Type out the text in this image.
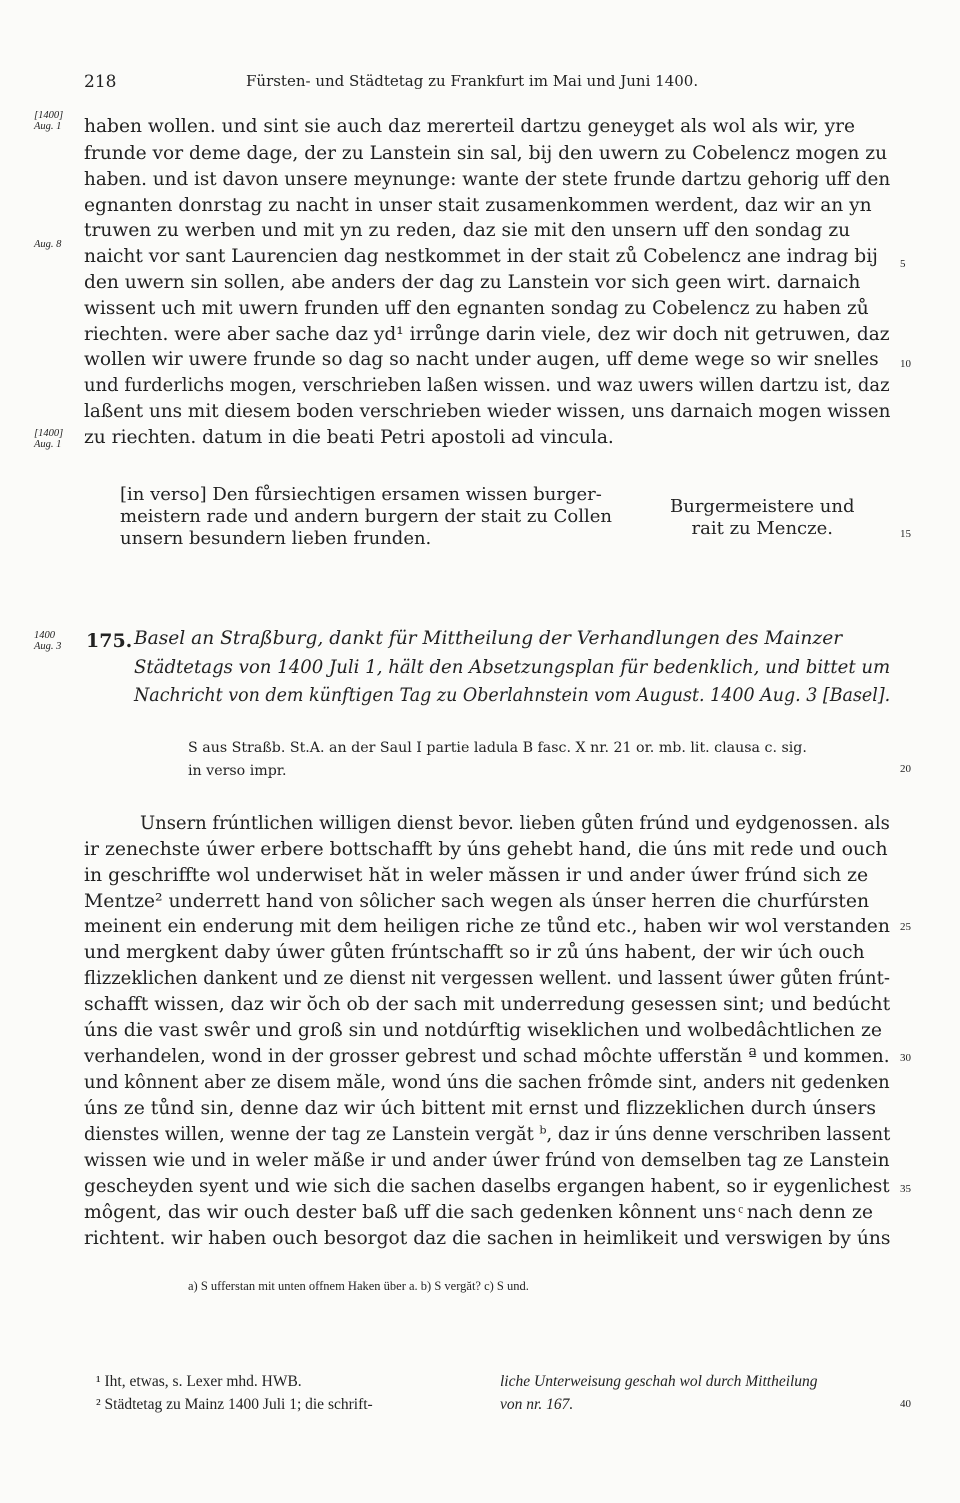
218	Fürsten- und Städtetag zu Frankfurt im Mai und Juni 1400.
[1400]
Aug. 1
Aug. 8
[1400]
Aug. 1
1400
Aug. 3
5
10
15
20
25
30
35
40
haben wollen. und sint sie auch daz mererteil dartzu geneyget als wol als wir, yre
frunde vor deme dage, der zu Lanstein sin sal, bij den uwern zu Cobelencz mogen zu
haben. und ist davon unsere meynunge: wante der stete frunde dartzu gehorig uff den
egnanten donrstag zu nacht in unser stait zusamenkommen werdent, daz wir an yn
truwen zu werben und mit yn zu reden, daz sie mit den unsern uff den sondag zu
naicht vor sant Laurencien dag nestkommet in der stait zů Cobelencz ane indrag bij
den uwern sin sollen, abe anders der dag zu Lanstein vor sich geen wirt. darnaich
wissent uch mit uwern frunden uff den egnanten sondag zu Cobelencz zu haben zů
riechten. were aber sache daz yd¹ irrůnge darin viele, dez wir doch nit getruwen, daz
wollen wir uwere frunde so dag so nacht under augen, uff deme wege so wir snelles
und furderlichs mogen, verschrieben laßen wissen. und waz uwers willen dartzu ist, daz
laßent uns mit diesem boden verschrieben wieder wissen, uns darnaich mogen wissen
zu riechten. datum in die beati Petri apostoli ad vincula.
[in verso] Den fůrsiechtigen ersamen wissen burger-
meistern rade und andern burgern der stait zu Collen
unsern besundern lieben frunden.
Burgermeistere und
rait zu Mencze.
175. Basel an Straßburg, dankt für Mittheilung der Verhandlungen des Mainzer
Städtetags von 1400 Juli 1, hält den Absetzungsplan für bedenklich, und bittet um
Nachricht von dem künftigen Tag zu Oberlahnstein vom August. 1400 Aug. 3 [Basel].
S aus Straßb. St.A. an der Saul I partie ladula B fasc. X nr. 21 or. mb. lit. clausa c. sig.
in verso impr.
Unsern frúntlichen willigen dienst bevor. lieben gůten frúnd und eydgenossen. als
ir zenechste úwer erbere bottschafft by úns gehebt hand, die úns mit rede und ouch
in geschriffte wol underwiset hăt in weler măssen ir und ander úwer frúnd sich ze
Mentze² underrett hand von sôlicher sach wegen als únser herren die churfúrsten
meinent ein enderung mit dem heiligen riche ze tůnd etc., haben wir wol verstanden
und mergkent daby úwer gůten frúntschafft so ir zů úns habent, der wir úch ouch
flizzeklichen dankent und ze dienst nit vergessen wellent. und lassent úwer gůten frúnt-
schafft wissen, daz wir ŏch ob der sach mit underredung gesessen sint; und bedúcht
úns die vast swêr und groß sin und notdúrftig wiseklichen und wolbedâchtlichen ze
verhandelen, wond in der grosser gebrest und schad môchte ufferstăn ª und kommen.
und kônnent aber ze disem măle, wond úns die sachen frômde sint, anders nit gedenken
úns ze tůnd sin, denne daz wir úch bittent mit ernst und flizzeklichen durch únsers
dienstes willen, wenne der tag ze Lanstein vergăt ᵇ, daz ir úns denne verschriben lassent
wissen wie und in weler măße ir und ander úwer frúnd von demselben tag ze Lanstein
gescheyden syent und wie sich die sachen daselbs ergangen habent, so ir eygenlichest
môgent, das wir ouch dester baß uff die sach gedenken kônnent uns ͨ nach denn ze
richtent. wir haben ouch besorgot daz die sachen in heimlikeit und verswigen by úns
a) S ufferstan mit unten offnem Haken über a. b) S vergăt? c) S und.
¹ Iht, etwas, s. Lexer mhd. HWB.
² Städtetag zu Mainz 1400 Juli 1; die schrift-
liche Unterweisung geschah wol durch Mittheilung
von nr. 167.
